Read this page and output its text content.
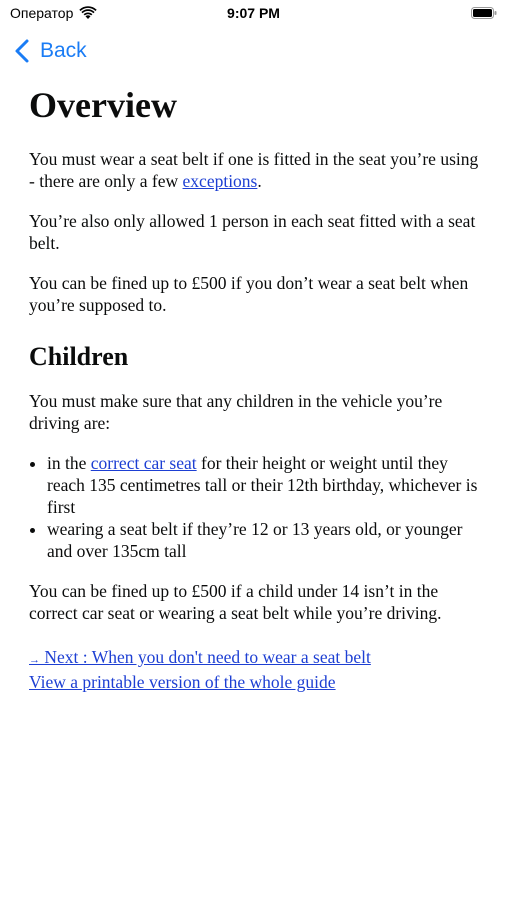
Оператор	9:07 PM
Back
Overview

You must wear a seat belt if one is fitted in the seat you’re using - there are only a few exceptions.

You’re also only allowed 1 person in each seat fitted with a seat belt.

You can be fined up to £500 if you don’t wear a seat belt when you’re supposed to.

Children

You must make sure that any children in the vehicle you’re driving are:

• in the correct car seat for their height or weight until they reach 135 centimetres tall or their 12th birthday, whichever is first
• wearing a seat belt if they’re 12 or 13 years old, or younger and over 135cm tall

You can be fined up to £500 if a child under 14 isn’t in the correct car seat or wearing a seat belt while you’re driving.

→ Next : When you don't need to wear a seat belt
View a printable version of the whole guide
